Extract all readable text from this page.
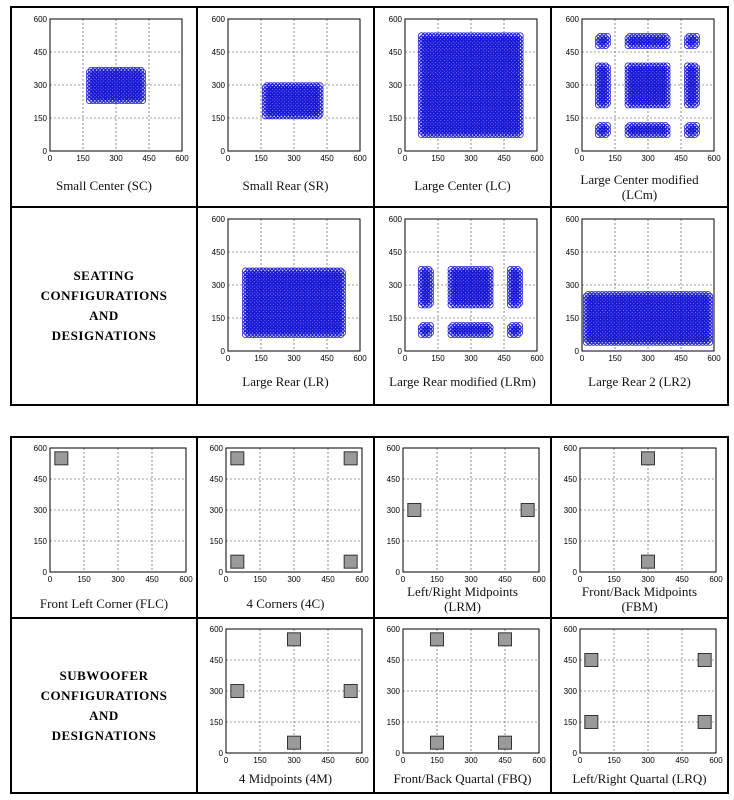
0
0
150
150
300
300
450
450
600
600
Small Center (SC)
0
0
150
150
300
300
450
450
600
600
Small Rear (SR)
0
0
150
150
300
300
450
450
600
600
Large Center (LC)
0
0
150
150
300
300
450
450
600
600
Large Center modified (LCm)
SEATING
CONFIGURATIONS
AND
DESIGNATIONS
0
0
150
150
300
300
450
450
600
600
Large Rear (LR)
0
0
150
150
300
300
450
450
600
600
Large Rear modified (LRm)
0
0
150
150
300
300
450
450
600
600
Large Rear 2 (LR2)
0
0
150
150
300
300
450
450
600
600
Front Left Corner (FLC)
0
0
150
150
300
300
450
450
600
600
4 Corners (4C)
0
0
150
150
300
300
450
450
600
600
Left/Right Midpoints (LRM)
0
0
150
150
300
300
450
450
600
600
Front/Back Midpoints (FBM)
SUBWOOFER
CONFIGURATIONS
AND
DESIGNATIONS
0
0
150
150
300
300
450
450
600
600
4 Midpoints (4M)
0
0
150
150
300
300
450
450
600
600
Front/Back Quartal (FBQ)
0
0
150
150
300
300
450
450
600
600
Left/Right Quartal (LRQ)
